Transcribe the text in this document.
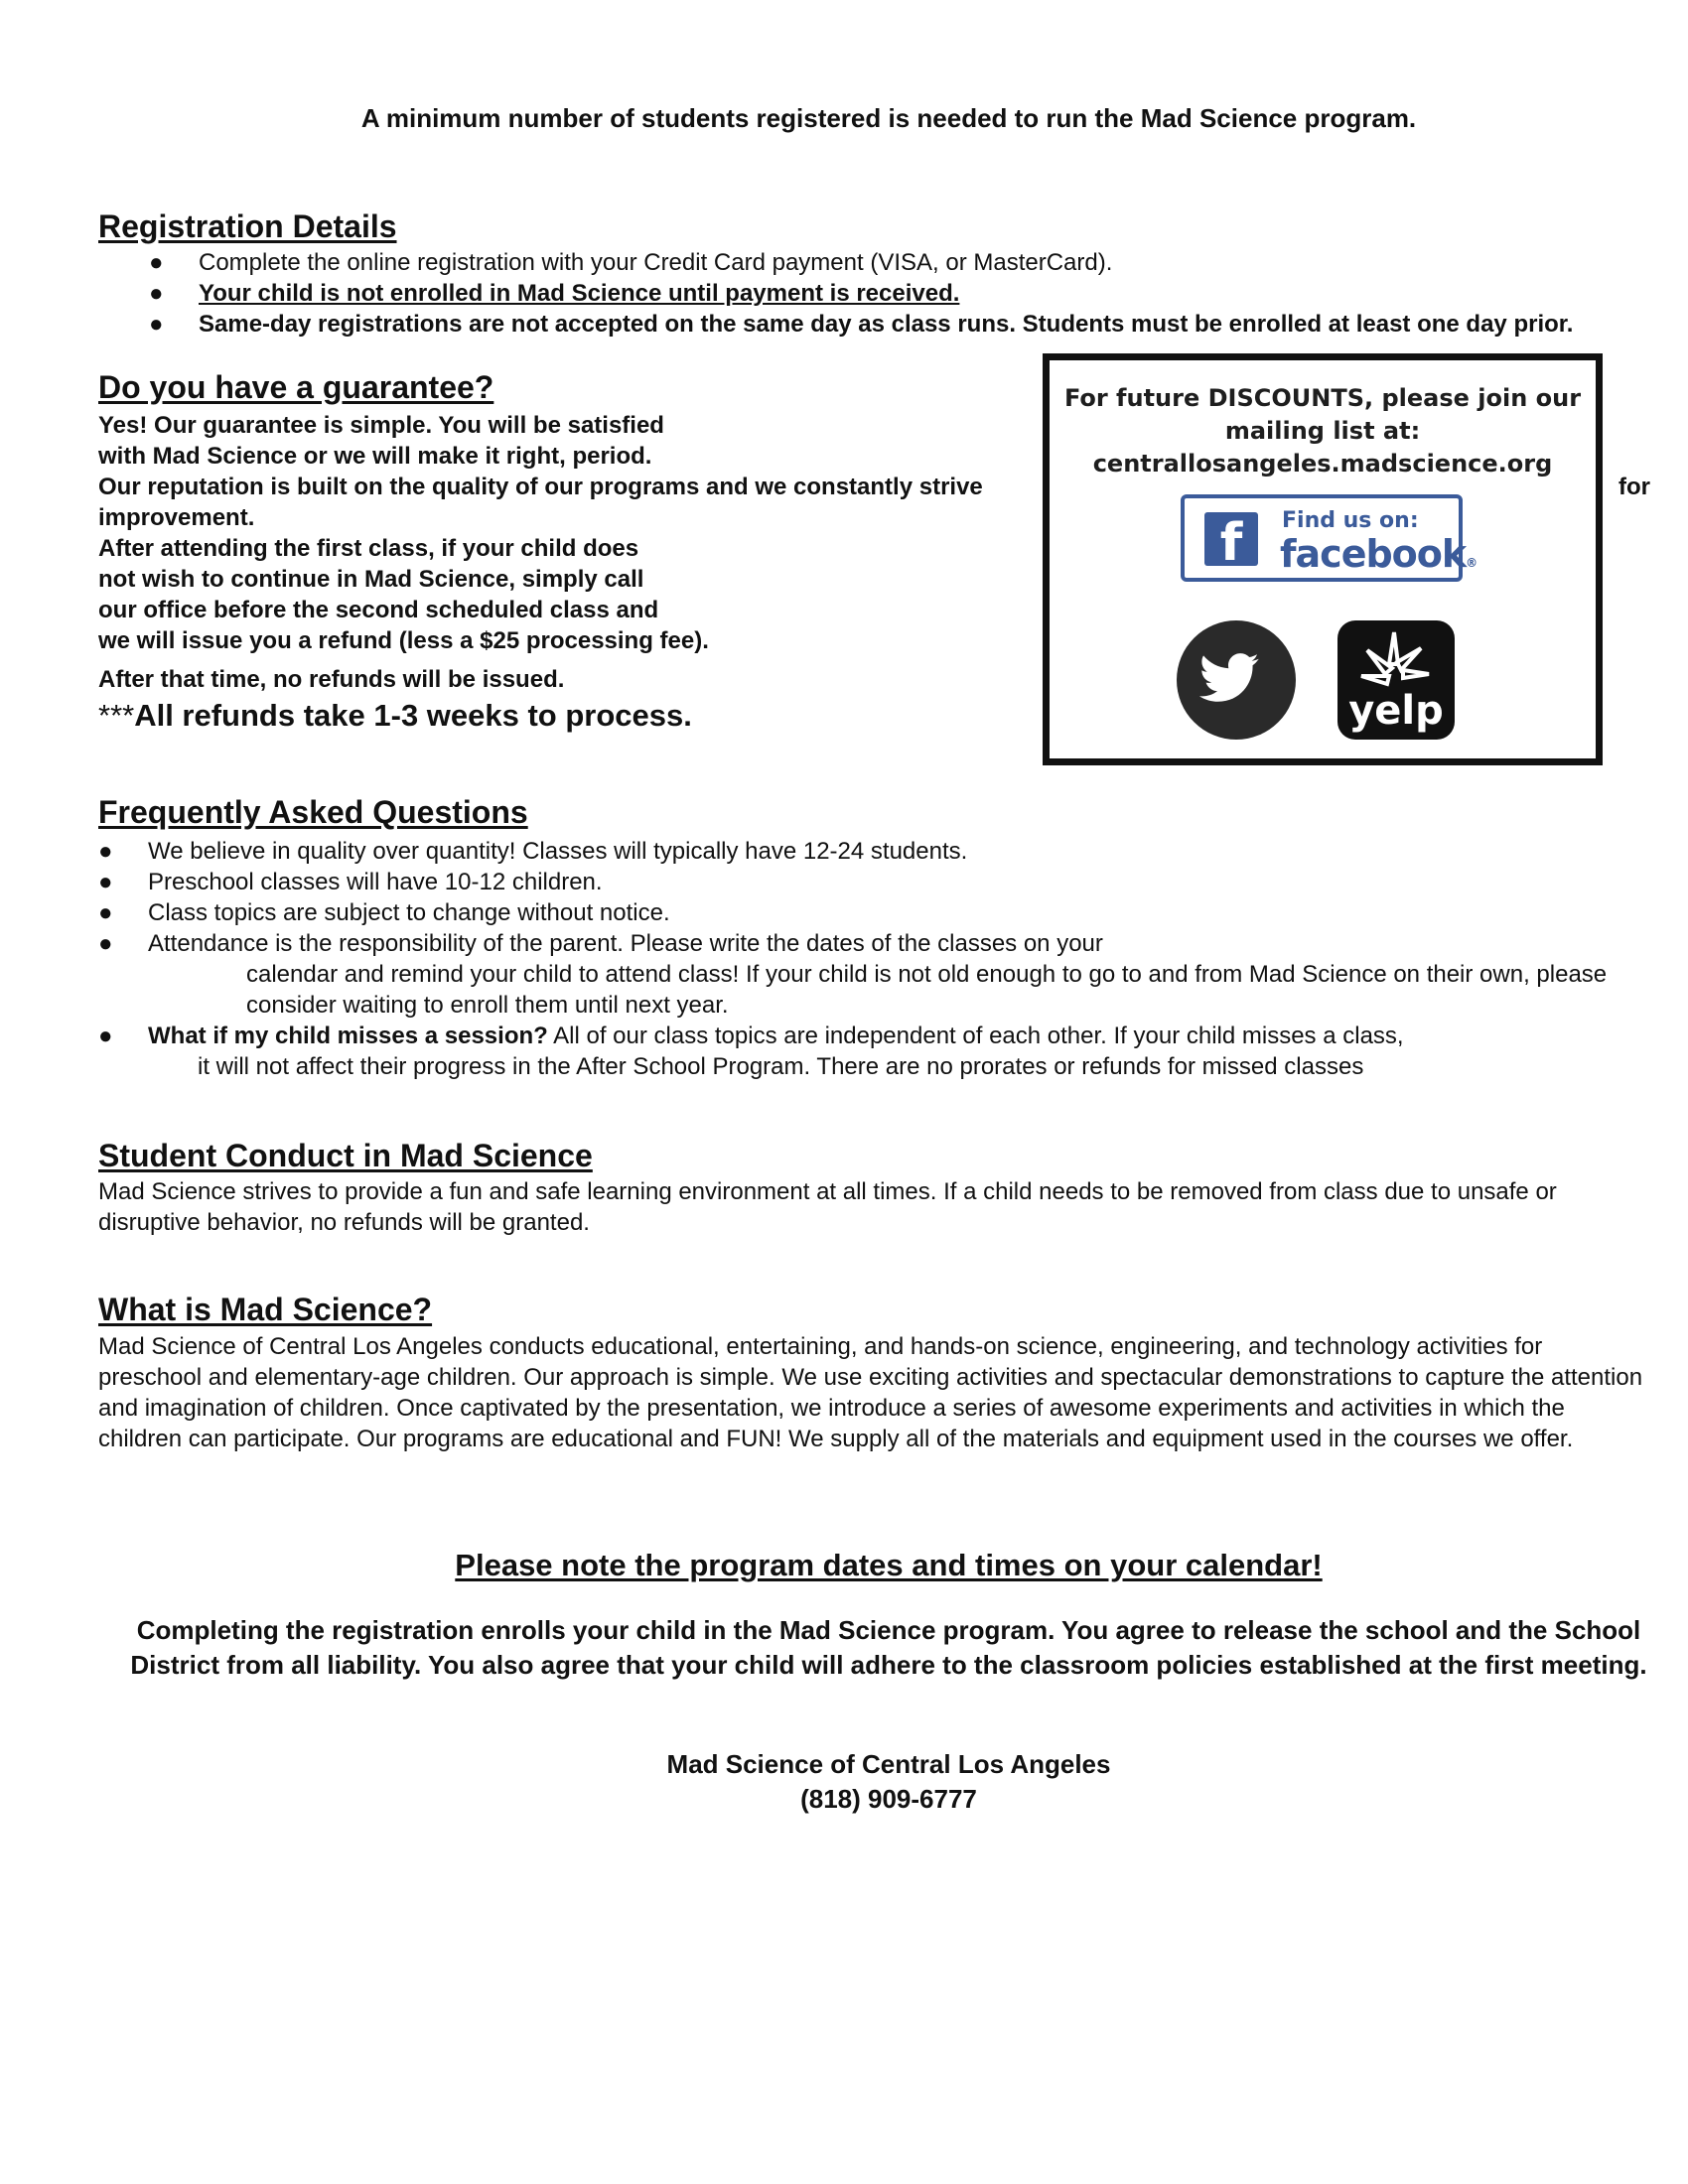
A minimum number of students registered is needed to run the Mad Science program.
Registration Details
● Complete the online registration with your Credit Card payment (VISA, or MasterCard).
● Your child is not enrolled in Mad Science until payment is received.
● Same-day registrations are not accepted on the same day as class runs. Students must be enrolled at least one day prior.
Do you have a guarantee?
Yes! Our guarantee is simple. You will be satisfied
with Mad Science or we will make it right, period.
Our reputation is built on the quality of our programs and we constantly strive	for
improvement.
After attending the first class, if your child does
not wish to continue in Mad Science, simply call
our office before the second scheduled class and
we will issue you a refund (less a $25 processing fee).
After that time, no refunds will be issued.
***All refunds take 1-3 weeks to process.
For future DISCOUNTS, please join our
mailing list at:
centrallosangeles.madscience.org
f	Find us on:
facebook®
yelp
Frequently Asked Questions
● We believe in quality over quantity! Classes will typically have 12-24 students.
● Preschool classes will have 10-12 children.
● Class topics are subject to change without notice.
● Attendance is the responsibility of the parent. Please write the dates of the classes on your
calendar and remind your child to attend class! If your child is not old enough to go to and from Mad Science on their own, please
consider waiting to enroll them until next year.
● What if my child misses a session? All of our class topics are independent of each other. If your child misses a class,
it will not affect their progress in the After School Program. There are no prorates or refunds for missed classes
Student Conduct in Mad Science
Mad Science strives to provide a fun and safe learning environment at all times. If a child needs to be removed from class due to unsafe or disruptive behavior, no refunds will be granted.
What is Mad Science?
Mad Science of Central Los Angeles conducts educational, entertaining, and hands-on science, engineering, and technology activities for preschool and elementary-age children. Our approach is simple. We use exciting activities and spectacular demonstrations to capture the attention and imagination of children. Once captivated by the presentation, we introduce a series of awesome experiments and activities in which the children can participate. Our programs are educational and FUN! We supply all of the materials and equipment used in the courses we offer.
Please note the program dates and times on your calendar!
Completing the registration enrolls your child in the Mad Science program. You agree to release the school and the School District from all liability. You also agree that your child will adhere to the classroom policies established at the first meeting.
Mad Science of Central Los Angeles
(818) 909-6777
